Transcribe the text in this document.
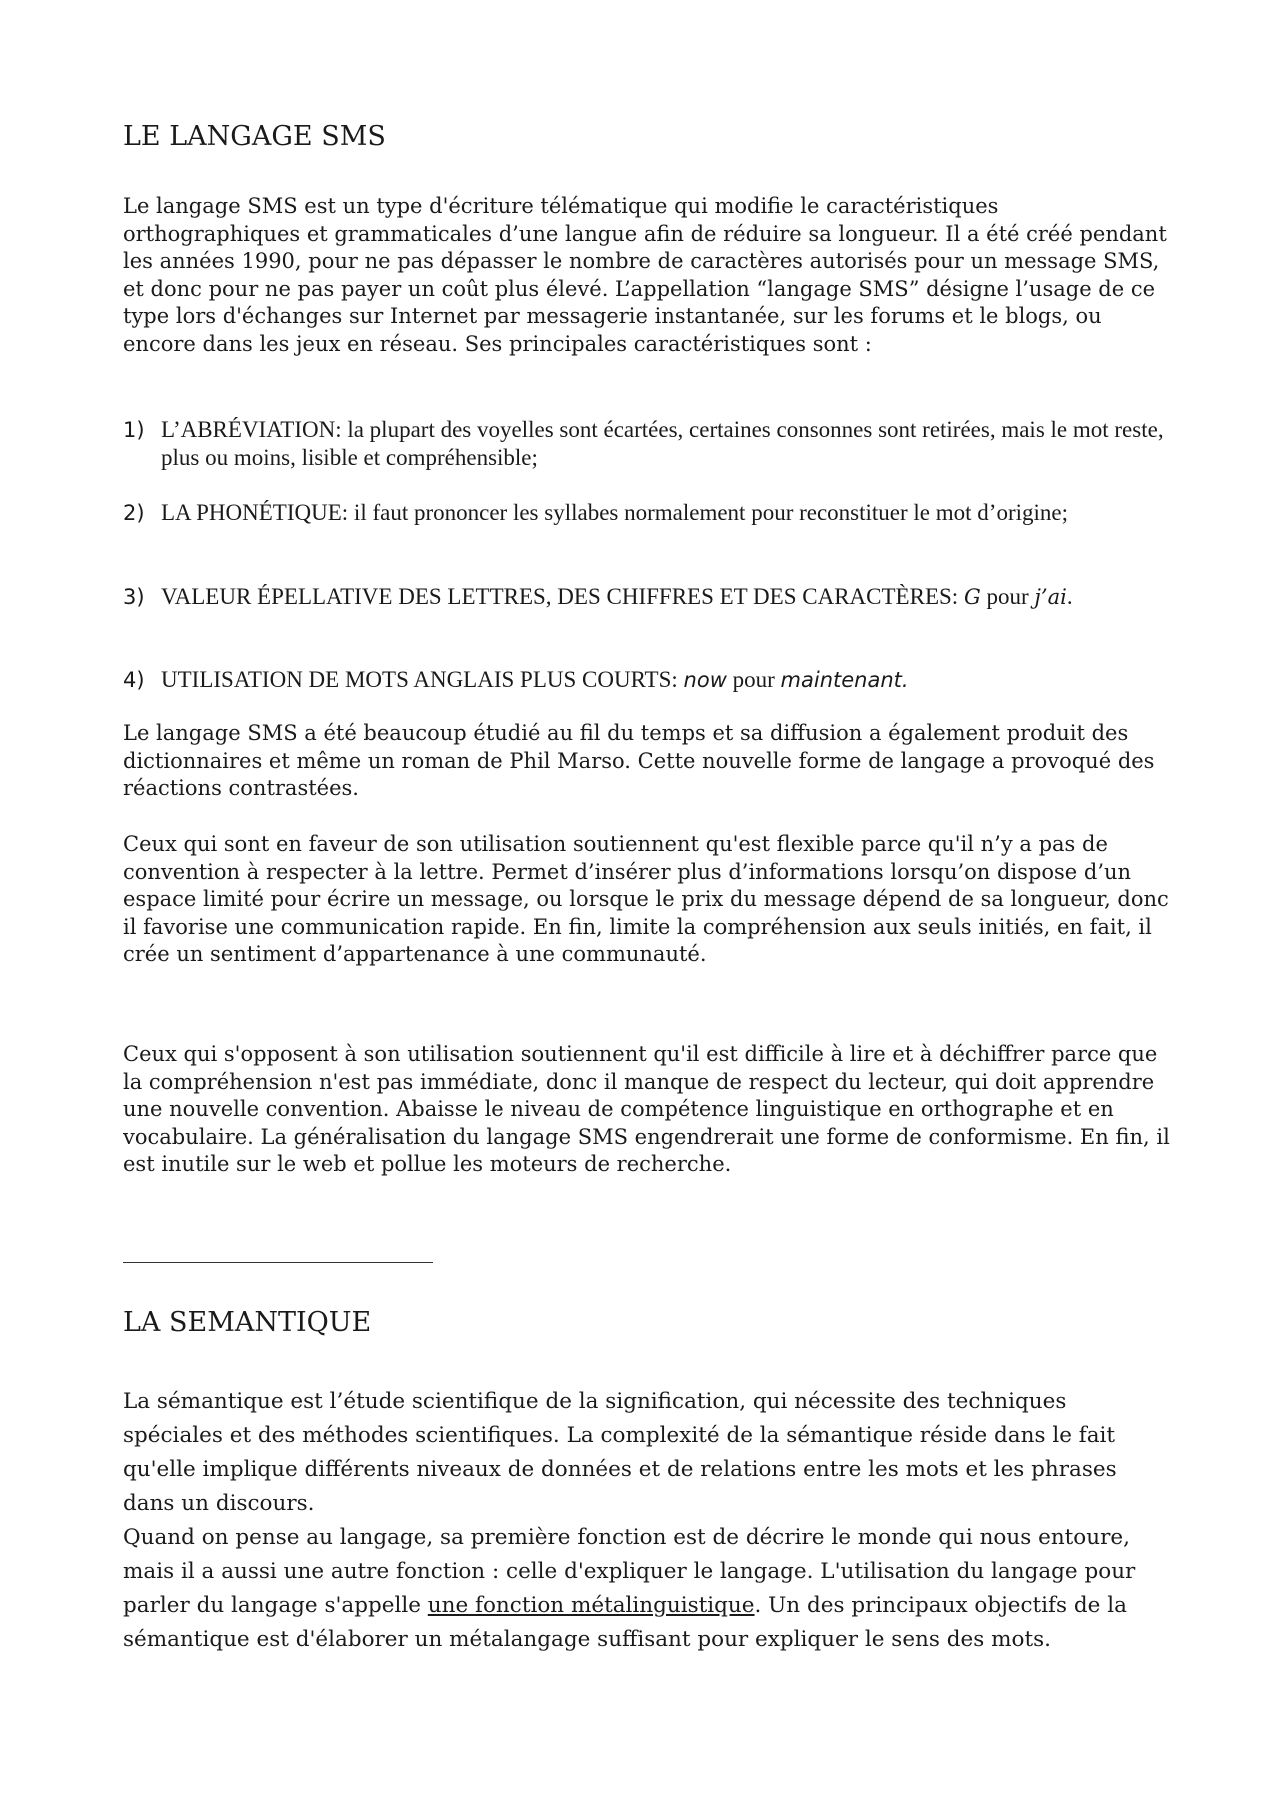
LE LANGAGE SMS

Le langage SMS est un type d'écriture télématique qui modifie le caractéristiques orthographiques et grammaticales d’une langue afin de réduire sa longueur. Il a été créé pendant les années 1990, pour ne pas dépasser le nombre de caractères autorisés pour un message SMS, et donc pour ne pas payer un coût plus élevé. L’appellation “langage SMS” désigne l’usage de ce type lors d'échanges sur Internet par messagerie instantanée, sur les forums et le blogs, ou encore dans les jeux en réseau. Ses principales caractéristiques sont :

1) L’ABRÉVIATION: la plupart des voyelles sont écartées, certaines consonnes sont retirées, mais le mot reste, plus ou moins, lisible et compréhensible;
2) LA PHONÉTIQUE: il faut prononcer les syllabes normalement pour reconstituer le mot d’origine;
3) VALEUR ÉPELLATIVE DES LETTRES, DES CHIFFRES ET DES CARACTÈRES: G pour j’ai.
4) UTILISATION DE MOTS ANGLAIS PLUS COURTS: now pour maintenant.

Le langage SMS a été beaucoup étudié au fil du temps et sa diffusion a également produit des dictionnaires et même un roman de Phil Marso. Cette nouvelle forme de langage a provoqué des réactions contrastées.

Ceux qui sont en faveur de son utilisation soutiennent qu'est flexible parce qu'il n’y a pas de convention à respecter à la lettre. Permet d’insérer plus d’informations lorsqu’on dispose d’un espace limité pour écrire un message, ou lorsque le prix du message dépend de sa longueur, donc il favorise une communication rapide. En fin, limite la compréhension aux seuls initiés, en fait, il crée un sentiment d’appartenance à une communauté.

Ceux qui s'opposent à son utilisation soutiennent qu'il est difficile à lire et à déchiffrer parce que la compréhension n'est pas immédiate, donc il manque de respect du lecteur, qui doit apprendre une nouvelle convention. Abaisse le niveau de compétence linguistique en orthographe et en vocabulaire. La généralisation du langage SMS engendrerait une forme de conformisme. En fin, il est inutile sur le web et pollue les moteurs de recherche.

LA SEMANTIQUE

La sémantique est l’étude scientifique de la signification, qui nécessite des techniques spéciales et des méthodes scientifiques. La complexité de la sémantique réside dans le fait qu'elle implique différents niveaux de données et de relations entre les mots et les phrases dans un discours.

Quand on pense au langage, sa première fonction est de décrire le monde qui nous entoure, mais il a aussi une autre fonction : celle d'expliquer le langage. L'utilisation du langage pour parler du langage s'appelle une fonction métalinguistique. Un des principaux objectifs de la sémantique est d'élaborer un métalangage suffisant pour expliquer le sens des mots.
